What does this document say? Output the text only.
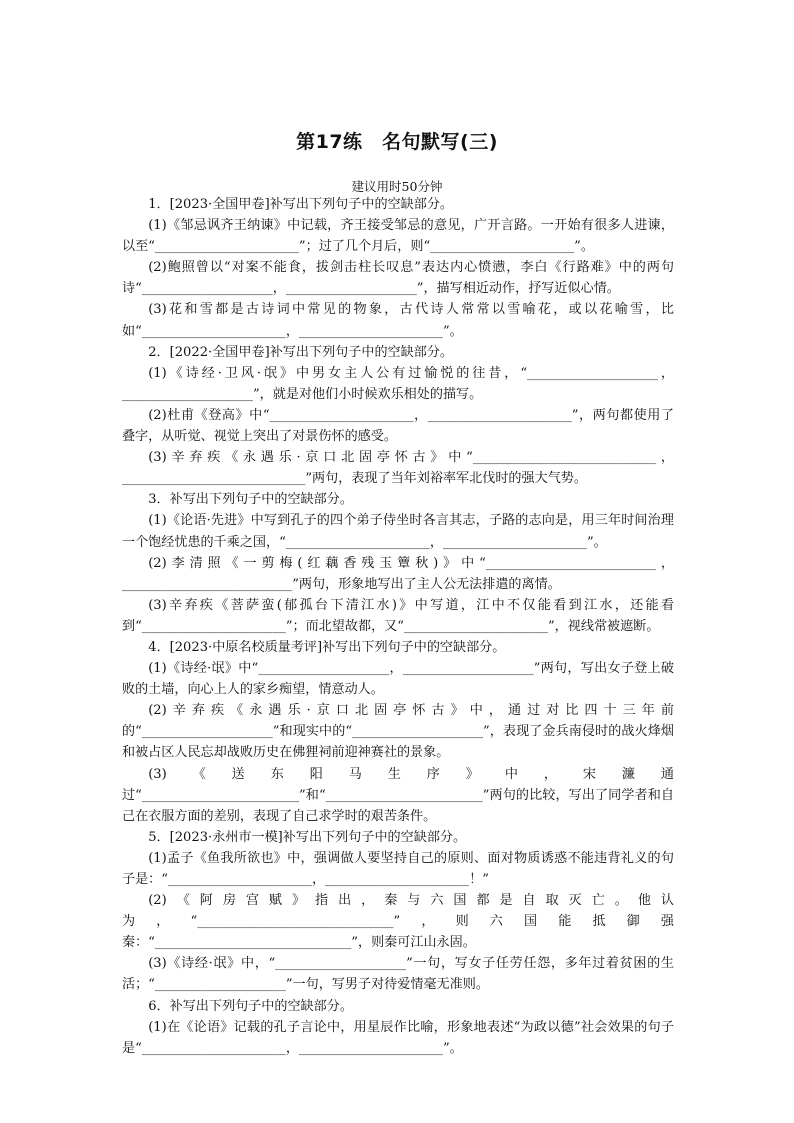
第17练　名句默写(三)
建议用时50分钟

1．[2023·全国甲卷]补写出下列句子中的空缺部分。

(1)《邹忌讽齐王纳谏》中记载，齐王接受邹忌的意见，广开言路。一开始有很多人进谏，以至“______________________”；过了几个月后，则“______________________”。

(2)鲍照曾以“对案不能食，拔剑击柱长叹息”表达内心愤懑，李白《行路难》中的两句诗“____________________，____________________”，描写相近动作，抒写近似心情。

(3)花和雪都是古诗词中常见的物象，古代诗人常常以雪喻花，或以花喻雪，比如“______________________，______________________”。

2．[2022·全国甲卷]补写出下列句子中的空缺部分。

(1)《诗经·卫风·氓》中男女主人公有过愉悦的往昔，“____________________，____________________”，就是对他们小时候欢乐相处的描写。

(2)杜甫《登高》中“______________________，______________________”，两句都使用了叠字，从听觉、视觉上突出了对景伤怀的感受。

(3)辛弃疾《永遇乐·京口北固亭怀古》中“____________________________，____________________________”两句，表现了当年刘裕率军北伐时的强大气势。

3．补写出下列句子中的空缺部分。

(1)《论语·先进》中写到孔子的四个弟子侍坐时各言其志，子路的志向是，用三年时间治理一个饱经忧患的千乘之国，“______________________，______________________”。

(2)李清照《一剪梅(红藕香残玉簟秋)》中“__________________________，__________________________”两句，形象地写出了主人公无法排遣的离情。

(3)辛弃疾《菩萨蛮(郁孤台下清江水)》中写道，江中不仅能看到江水，还能看到“______________________”；而北望故都，又“______________________”，视线常被遮断。

4．[2023·中原名校质量考评]补写出下列句子中的空缺部分。

(1)《诗经·氓》中“____________________，____________________”两句，写出女子登上破败的土墙，向心上人的家乡痴望，情意动人。

(2)辛弃疾《永遇乐·京口北固亭怀古》中，通过对比四十三年前的“____________________”和现实中的“____________________”，表现了金兵南侵时的战火烽烟和被占区人民忘却战败历史在佛狸祠前迎神赛社的景象。

(3)《送东阳马生序》中，宋濂通过“________________________”和“________________________”两句的比较，写出了同学者和自己在衣服方面的差别，表现了自己求学时的艰苦条件。

5．[2023·永州市一模]补写出下列句子中的空缺部分。

(1)孟子《鱼我所欲也》中，强调做人要坚持自己的原则、面对物质诱惑不能违背礼义的句子是：“______________________，______________________！”

(2)《阿房宫赋》指出，秦与六国都是自取灭亡。他认为，“______________________________”，则六国能抵御强秦：“______________________________”，则秦可江山永固。

(3)《诗经·氓》中，“____________________”一句，写女子任劳任怨，多年过着贫困的生活；“____________________”一句，写男子对待爱情毫无准则。

6．补写出下列句子中的空缺部分。

(1)在《论语》记载的孔子言论中，用星辰作比喻，形象地表述“为政以德”社会效果的句子是“______________________，______________________”。
